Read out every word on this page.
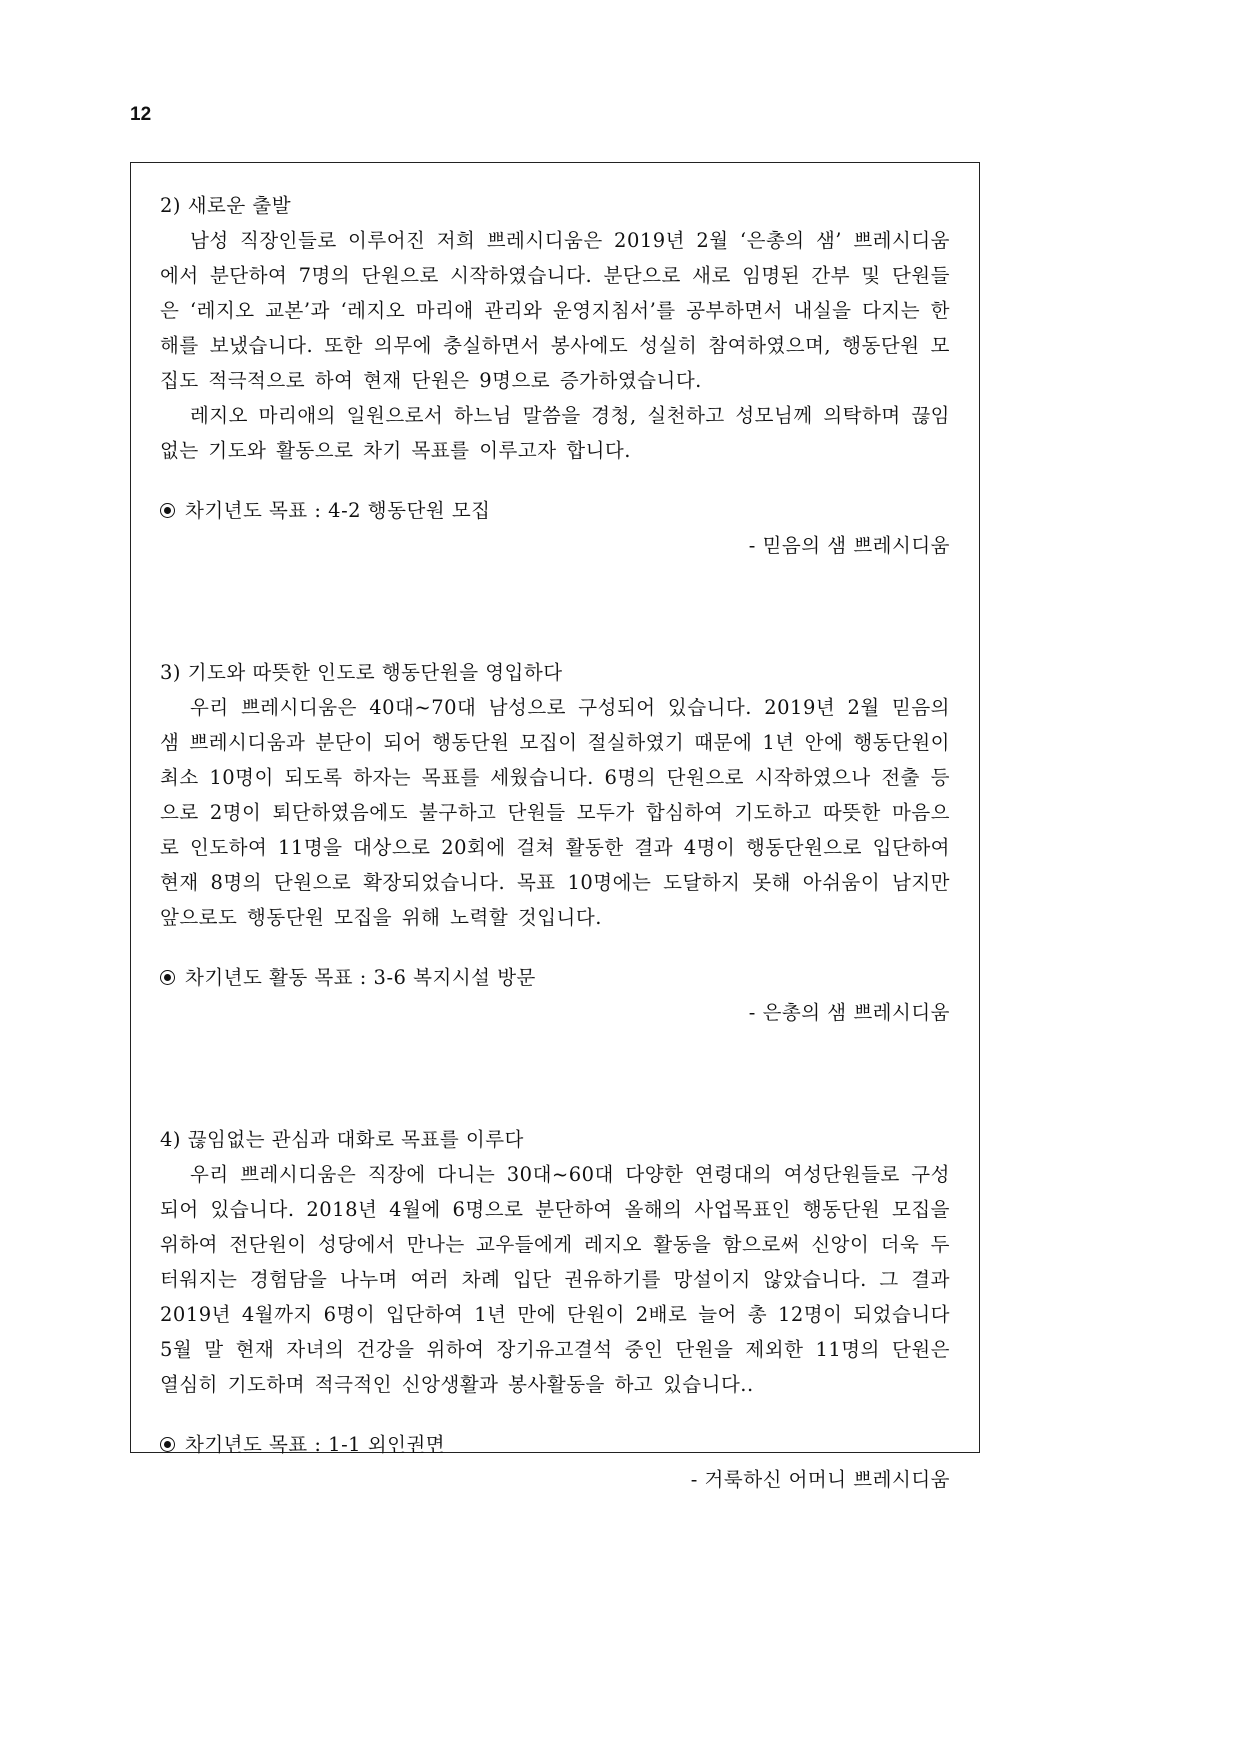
12

2) 새로운 출발

남성 직장인들로 이루어진 저희 쁘레시디움은 2019년 2월 ‘은총의 샘’ 쁘레시디움에서 분단하여 7명의 단원으로 시작하였습니다. 분단으로 새로 임명된 간부 및 단원들은 ‘레지오 교본’과 ‘레지오 마리애 관리와 운영지침서’를 공부하면서 내실을 다지는 한 해를 보냈습니다. 또한 의무에 충실하면서 봉사에도 성실히 참여하였으며, 행동단원 모집도 적극적으로 하여 현재 단원은 9명으로 증가하였습니다.

레지오 마리애의 일원으로서 하느님 말씀을 경청, 실천하고 성모님께 의탁하며 끊임없는 기도와 활동으로 차기 목표를 이루고자 합니다.

차기년도 목표 : 4-2 행동단원 모집

- 믿음의 샘 쁘레시디움

3) 기도와 따뜻한 인도로 행동단원을 영입하다

우리 쁘레시디움은 40대~70대 남성으로 구성되어 있습니다. 2019년 2월 믿음의 샘 쁘레시디움과 분단이 되어 행동단원 모집이 절실하였기 때문에 1년 안에 행동단원이 최소 10명이 되도록 하자는 목표를 세웠습니다. 6명의 단원으로 시작하였으나 전출 등으로 2명이 퇴단하였음에도 불구하고 단원들 모두가 합심하여 기도하고 따뜻한 마음으로 인도하여 11명을 대상으로 20회에 걸쳐 활동한 결과 4명이 행동단원으로 입단하여 현재 8명의 단원으로 확장되었습니다. 목표 10명에는 도달하지 못해 아쉬움이 남지만 앞으로도 행동단원 모집을 위해 노력할 것입니다.

차기년도 활동 목표 : 3-6 복지시설 방문

- 은총의 샘 쁘레시디움

4) 끊임없는 관심과 대화로 목표를 이루다

우리 쁘레시디움은 직장에 다니는 30대~60대 다양한 연령대의 여성단원들로 구성되어 있습니다. 2018년 4월에 6명으로 분단하여 올해의 사업목표인 행동단원 모집을 위하여 전단원이 성당에서 만나는 교우들에게 레지오 활동을 함으로써 신앙이 더욱 두터워지는 경험담을 나누며 여러 차례 입단 권유하기를 망설이지 않았습니다. 그 결과 2019년 4월까지 6명이 입단하여 1년 만에 단원이 2배로 늘어 총 12명이 되었습니다 5월 말 현재 자녀의 건강을 위하여 장기유고결석 중인 단원을 제외한 11명의 단원은 열심히 기도하며 적극적인 신앙생활과 봉사활동을 하고 있습니다..

차기년도 목표 : 1-1 외인권면

- 거룩하신 어머니 쁘레시디움
